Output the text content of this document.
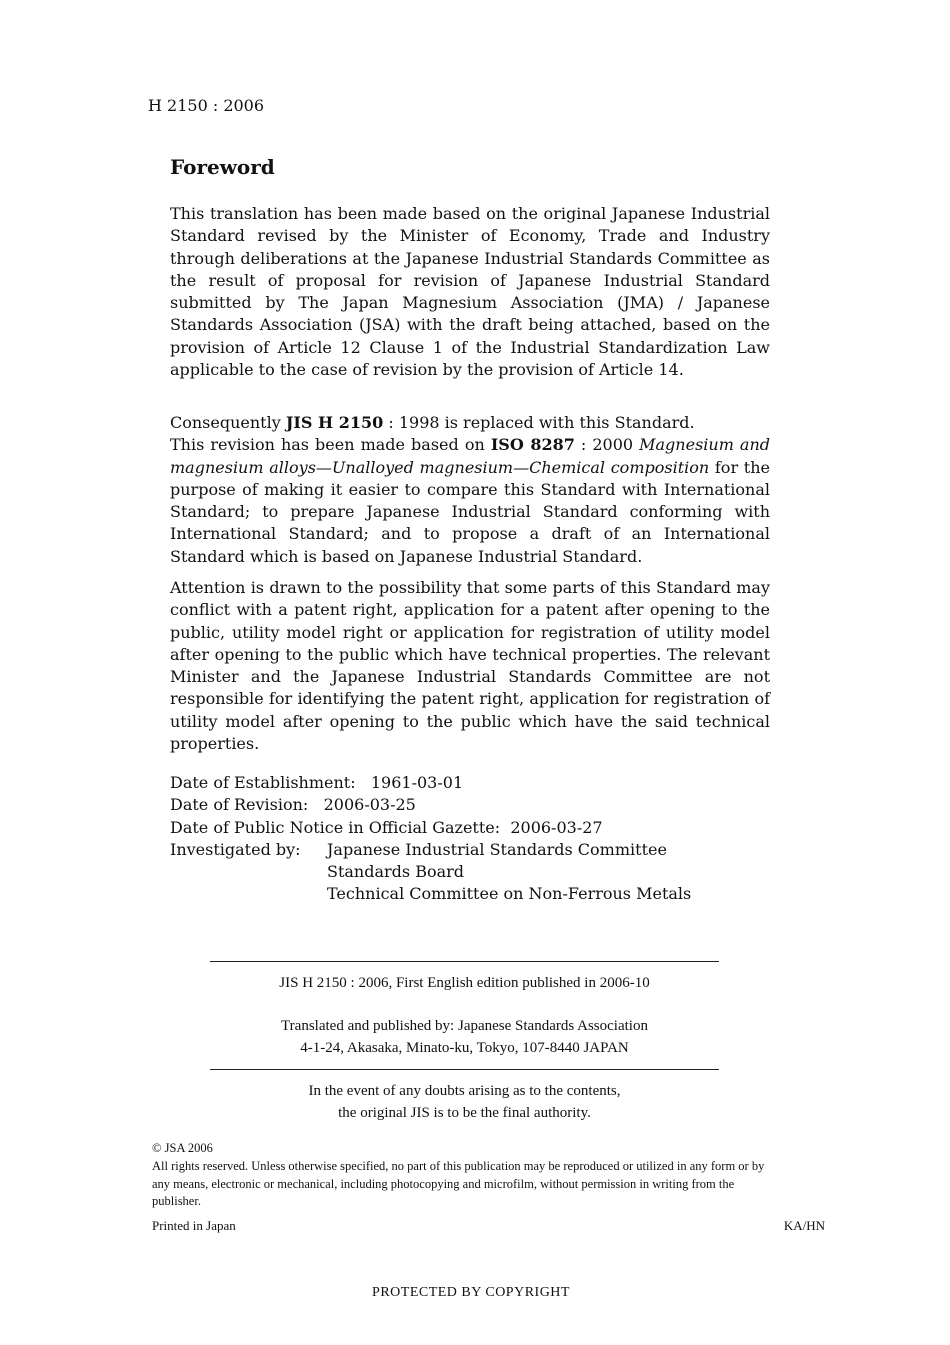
H 2150 : 2006
Foreword
This translation has been made based on the original Japanese Industrial Standard revised by the Minister of Economy, Trade and Industry through deliberations at the Japanese Industrial Standards Committee as the result of proposal for revision of Japanese Industrial Standard submitted by The Japan Magnesium Association (JMA) / Japanese Standards Association (JSA) with the draft being attached, based on the provision of Article 12 Clause 1 of the Industrial Standardization Law applicable to the case of revision by the provision of Article 14.
Consequently JIS H 2150 : 1998 is replaced with this Standard.
This revision has been made based on ISO 8287 : 2000 Magnesium and magnesium alloys—Unalloyed magnesium—Chemical composition for the purpose of making it easier to compare this Standard with International Standard; to prepare Japanese Industrial Standard conforming with International Standard; and to propose a draft of an International Standard which is based on Japanese Industrial Standard.
Attention is drawn to the possibility that some parts of this Standard may conflict with a patent right, application for a patent after opening to the public, utility model right or application for registration of utility model after opening to the public which have technical properties. The relevant Minister and the Japanese Industrial Standards Committee are not responsible for identifying the patent right, application for registration of utility model after opening to the public which have the said technical properties.
Date of Establishment:
1961-03-01
Date of Revision:
2006-03-25
Date of Public Notice in Official Gazette:
2006-03-27
Investigated by:	Japanese Industrial Standards Committee
Standards Board
Technical Committee on Non-Ferrous Metals
JIS H 2150 : 2006, First English edition published in 2006-10
Translated and published by: Japanese Standards Association
4-1-24, Akasaka, Minato-ku, Tokyo, 107-8440 JAPAN
In the event of any doubts arising as to the contents,
the original JIS is to be the final authority.
© JSA 2006
All rights reserved. Unless otherwise specified, no part of this publication may be reproduced or utilized in any form or by any means, electronic or mechanical, including photocopying and microfilm, without permission in writing from the publisher.
Printed in Japan	KA/HN
PROTECTED BY COPYRIGHT
